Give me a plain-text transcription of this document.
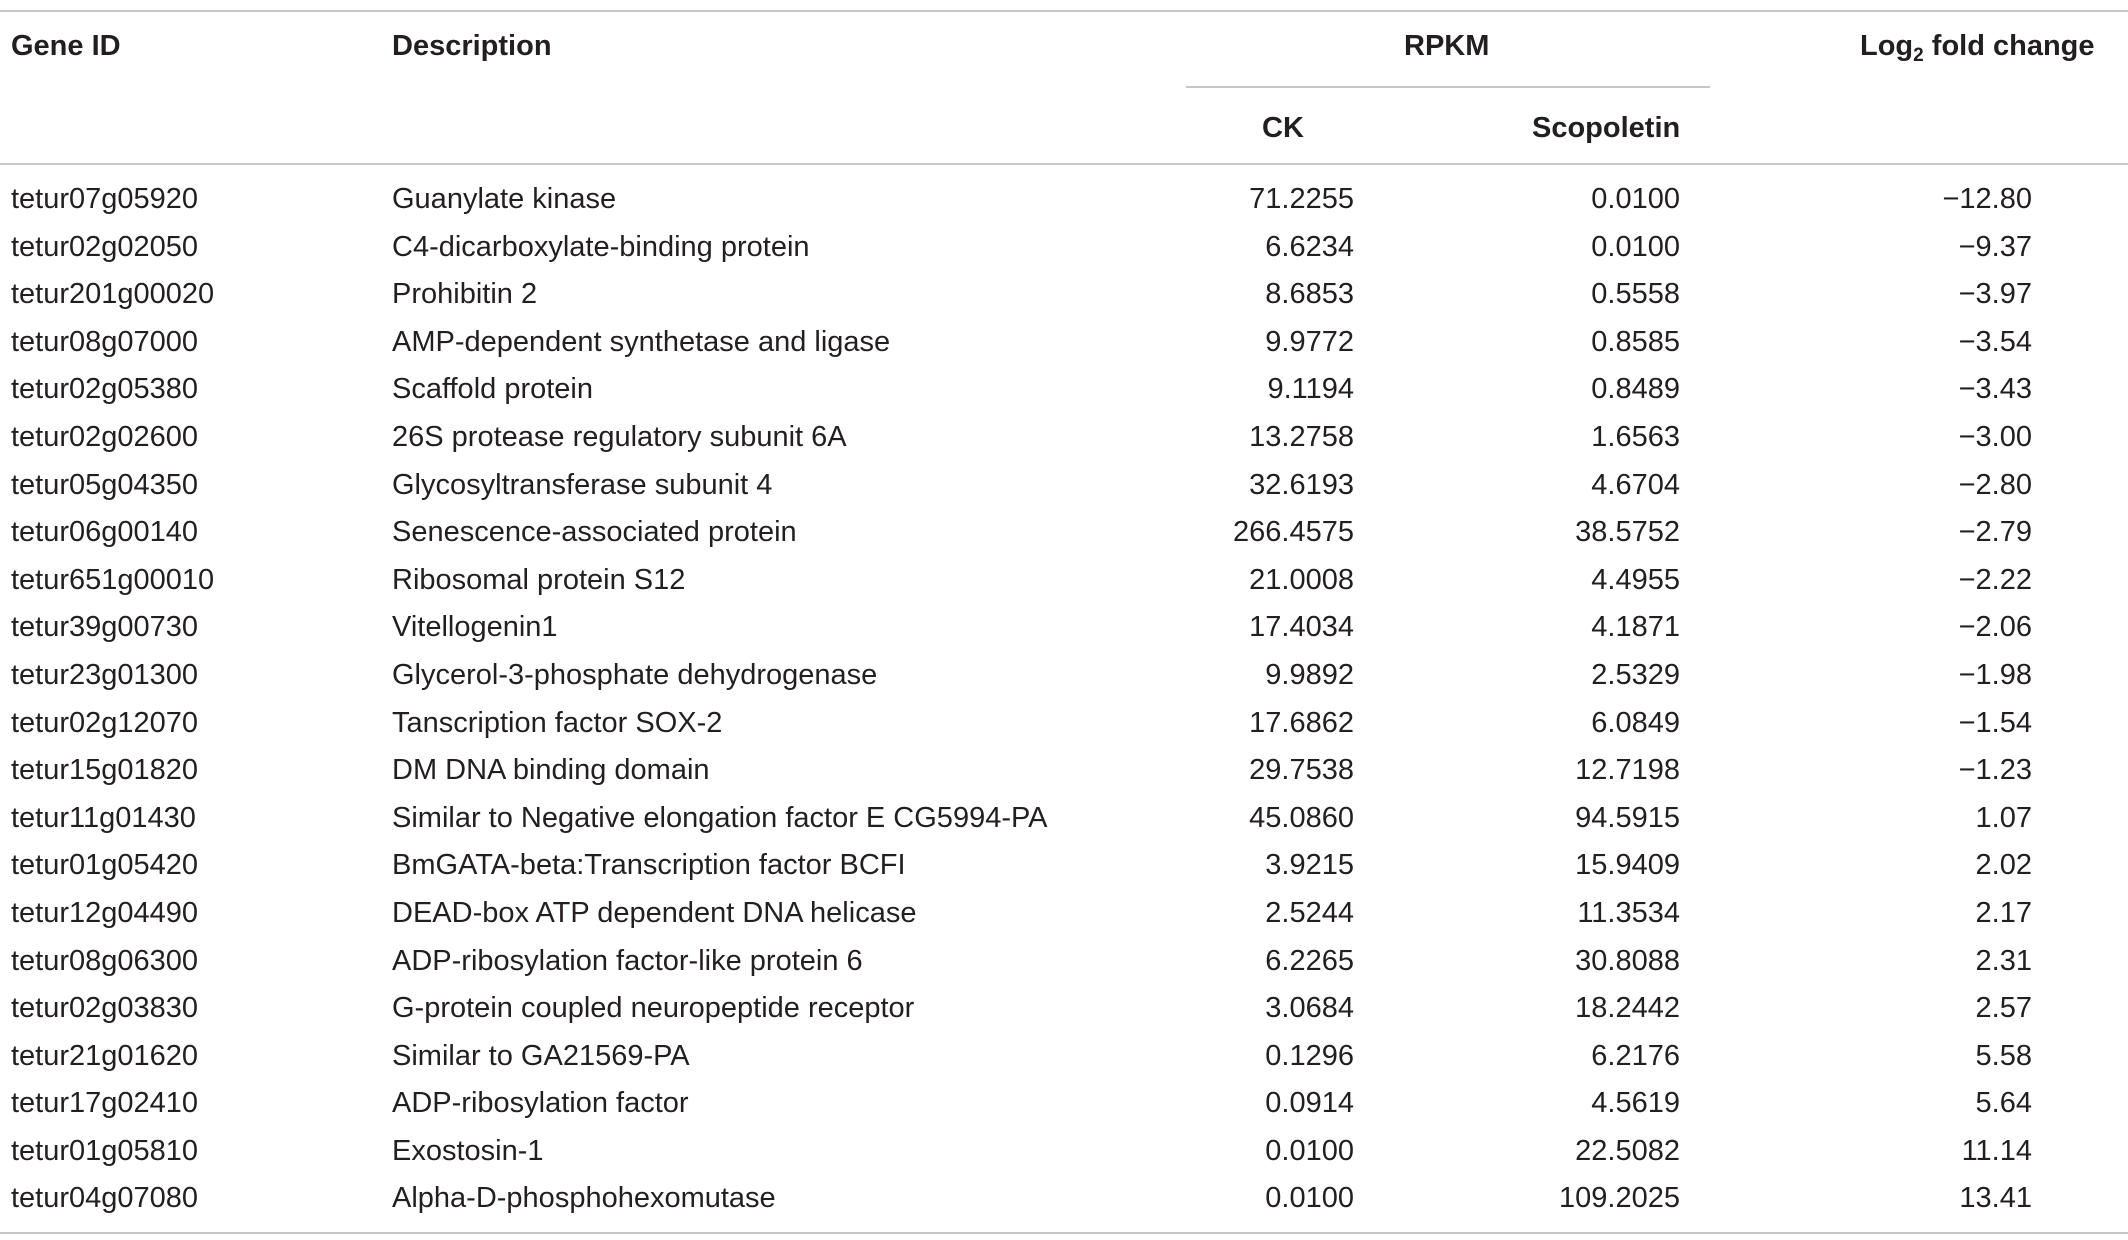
Gene ID	Description	RPKM	Log$_2$ fold change
CK	Scopoletin
tetur07g05920	Guanylate kinase	71.2255	0.0100	−12.80
tetur02g02050	C4-dicarboxylate-binding protein	6.6234	0.0100	−9.37
tetur201g00020	Prohibitin 2	8.6853	0.5558	−3.97
tetur08g07000	AMP-dependent synthetase and ligase	9.9772	0.8585	−3.54
tetur02g05380	Scaffold protein	9.1194	0.8489	−3.43
tetur02g02600	26S protease regulatory subunit 6A	13.2758	1.6563	−3.00
tetur05g04350	Glycosyltransferase subunit 4	32.6193	4.6704	−2.80
tetur06g00140	Senescence-associated protein	266.4575	38.5752	−2.79
tetur651g00010	Ribosomal protein S12	21.0008	4.4955	−2.22
tetur39g00730	Vitellogenin1	17.4034	4.1871	−2.06
tetur23g01300	Glycerol-3-phosphate dehydrogenase	9.9892	2.5329	−1.98
tetur02g12070	Tanscription factor SOX-2	17.6862	6.0849	−1.54
tetur15g01820	DM DNA binding domain	29.7538	12.7198	−1.23
tetur11g01430	Similar to Negative elongation factor E CG5994-PA	45.0860	94.5915	1.07
tetur01g05420	BmGATA-beta:Transcription factor BCFI	3.9215	15.9409	2.02
tetur12g04490	DEAD-box ATP dependent DNA helicase	2.5244	11.3534	2.17
tetur08g06300	ADP-ribosylation factor-like protein 6	6.2265	30.8088	2.31
tetur02g03830	G-protein coupled neuropeptide receptor	3.0684	18.2442	2.57
tetur21g01620	Similar to GA21569-PA	0.1296	6.2176	5.58
tetur17g02410	ADP-ribosylation factor	0.0914	4.5619	5.64
tetur01g05810	Exostosin-1	0.0100	22.5082	11.14
tetur04g07080	Alpha-D-phosphohexomutase	0.0100	109.2025	13.41
